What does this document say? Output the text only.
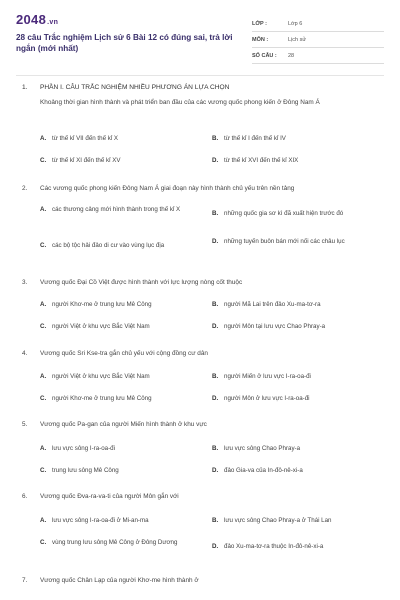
2048.vn
28 câu Trắc nghiệm Lịch sử 6 Bài 12 có đúng sai, trả lời ngắn (mới nhất)
LỚP :	Lớp 6
MÔN :	Lịch sử
SỐ CÂU :	28
1.	PHẦN I. CÂU TRẮC NGHIỆM NHIỀU PHƯƠNG ÁN LỰA CHỌN
Khoảng thời gian hình thành và phát triển ban đầu của các vương quốc phong kiến ở Đông Nam Á
A. từ thế kỉ VII đến thế kỉ X	B. từ thế kỉ I đến thế kỉ IV
C. từ thế kỉ XI đến thế kỉ XV	D. từ thế kỉ XVI đến thế kỉ XIX
2.	Các vương quốc phong kiến Đông Nam Á giai đoạn này hình thành chủ yếu trên nền tảng
A. các thương cảng mới hình thành trong thế kỉ X
B. những quốc gia sơ kì đã xuất hiện trước đó
C. các bộ tộc hải đảo di cư vào vùng lục địa
D. những tuyến buôn bán mới nối các châu lục
3.	Vương quốc Đại Cồ Việt được hình thành với lực lượng nòng cốt thuộc
A. người Khơ-me ở trung lưu Mê Công	B. người Mã Lai trên đảo Xu-ma-tơ-ra
C. người Việt ở khu vực Bắc Việt Nam	D. người Môn tại lưu vực Chao Phray-a
4.	Vương quốc Sri Kse-tra gắn chủ yếu với cộng đồng cư dân
A. người Việt ở khu vực Bắc Việt Nam	B. người Miến ở lưu vực I-ra-oa-đi
C. người Khơ-me ở trung lưu Mê Công	D. người Môn ở lưu vực I-ra-oa-đi
5.	Vương quốc Pa-gan của người Miến hình thành ở khu vực
A. lưu vực sông I-ra-oa-đi	B. lưu vực sông Chao Phray-a
C. trung lưu sông Mê Công	D. đảo Gia-va của In-đô-nê-xi-a
6.	Vương quốc Đva-ra-va-ti của người Môn gắn với
A. lưu vực sông I-ra-oa-đi ở Mi-an-ma	B. lưu vực sông Chao Phray-a ở Thái Lan
C. vùng trung lưu sông Mê Công ở Đông Dương
D. đảo Xu-ma-tơ-ra thuộc In-đô-nê-xi-a
7.	Vương quốc Chân Lạp của người Khơ-me hình thành ở
